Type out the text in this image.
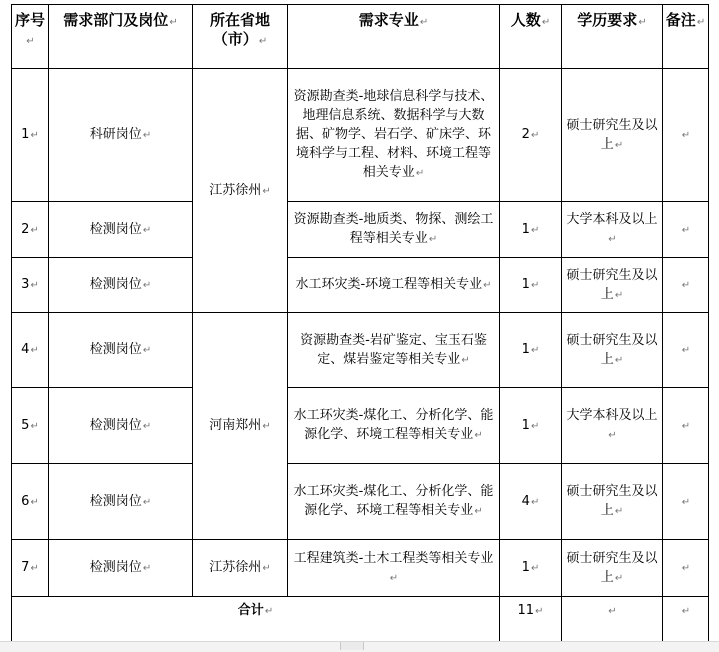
序号↵	需求部门及岗位↵	所在省地（市）↵	需求专业↵	人数↵	学历要求↵	备注↵
1↵	科研岗位↵	江苏徐州↵	资源勘查类-地球信息科学与技术、地理信息系统、数据科学与大数据、矿物学、岩石学、矿床学、环境科学与工程、材料、环境工程等相关专业↵	2↵	硕士研究生及以上↵	↵
2↵	检测岗位↵		资源勘查类-地质类、物探、测绘工程等相关专业↵	1↵	大学本科及以上↵	↵
3↵	检测岗位↵		水工环灾类-环境工程等相关专业↵	1↵	硕士研究生及以上↵	↵
4↵	检测岗位↵	河南郑州↵	资源勘查类-岩矿鉴定、宝玉石鉴定、煤岩鉴定等相关专业↵	1↵	硕士研究生及以上↵	↵
5↵	检测岗位↵		水工环灾类-煤化工、分析化学、能源化学、环境工程等相关专业↵	1↵	大学本科及以上↵	↵
6↵	检测岗位↵		水工环灾类-煤化工、分析化学、能源化学、环境工程等相关专业↵	4↵	硕士研究生及以上↵	↵
7↵	检测岗位↵	江苏徐州↵	工程建筑类-土木工程类等相关专业↵	1↵	硕士研究生及以上↵	↵
合计↵				11↵	↵	↵
